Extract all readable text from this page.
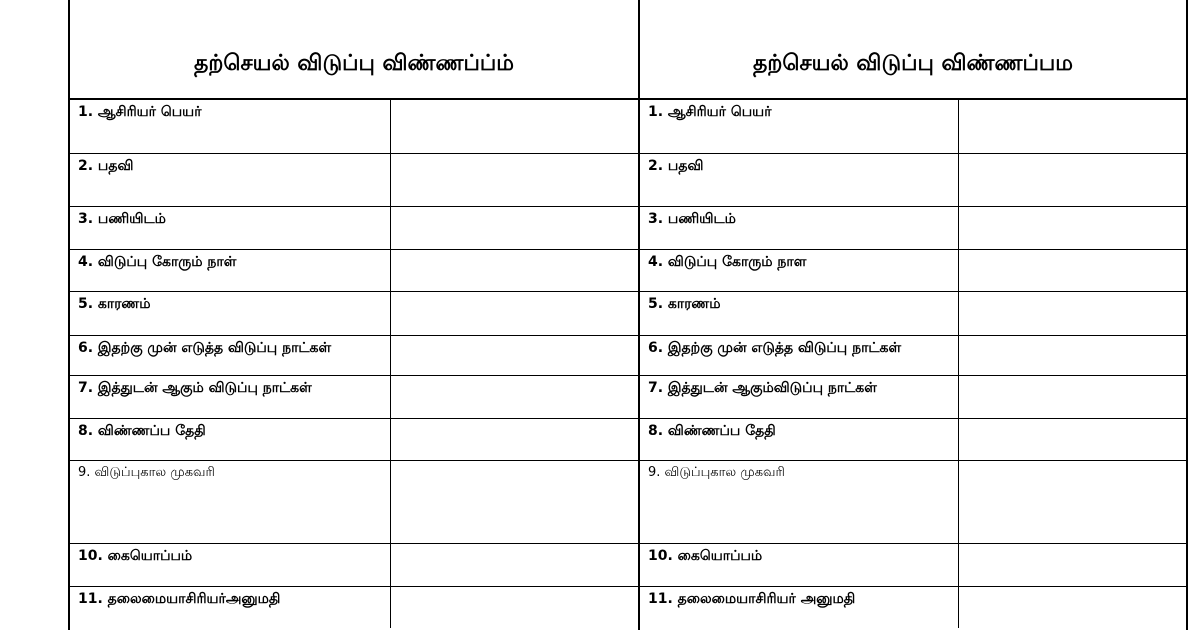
தற்செயல் விடுப்பு விண்ணப்ப்ம்
1. ஆசிரியர் பெயர்
2. பதவி
3. பணியிடம்
4. விடுப்பு கோரும் நாள்
5. காரணம்
6. இதற்கு முன் எடுத்த விடுப்பு நாட்கள்
7. இத்துடன் ஆகும் விடுப்பு நாட்கள்
8. விண்ணப்ப தேதி
9. விடுப்புகால முகவரி
10. கையொப்பம்
11. தலைமையாசிரியர்அனுமதி
தற்செயல் விடுப்பு விண்ணப்பம
1. ஆசிரியர் பெயர்
2. பதவி
3. பணியிடம்
4. விடுப்பு கோரும் நாள
5. காரணம்
6. இதற்கு முன் எடுத்த விடுப்பு நாட்கள்
7. இத்துடன் ஆகும்விடுப்பு நாட்கள்
8. விண்ணப்ப தேதி
9. விடுப்புகால முகவரி
10. கையொப்பம்
11. தலைமையாசிரியர் அனுமதி
